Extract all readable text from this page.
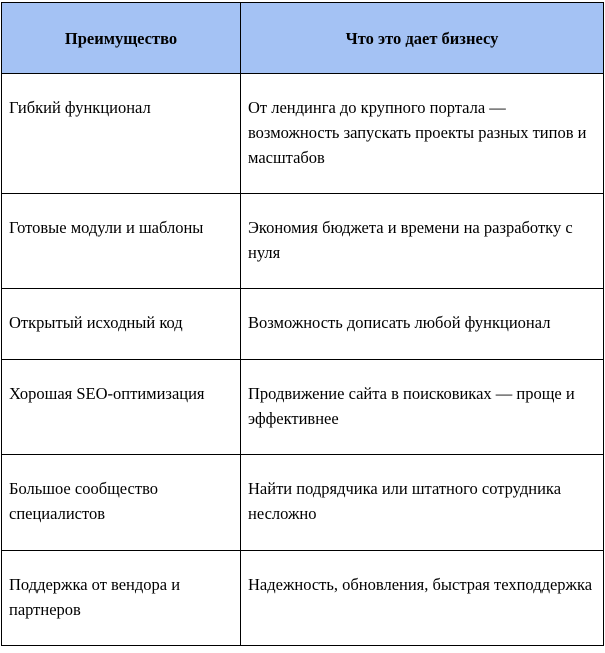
Преимущество	Что это дает бизнесу

Гибкий функционал	От лендинга до крупного портала — возможность запускать проекты разных типов и масштабов

Готовые модули и шаблоны	Экономия бюджета и времени на разработку с нуля

Открытый исходный код	Возможность дописать любой функционал

Хорошая SEO-оптимизация	Продвижение сайта в поисковиках — проще и эффективнее

Большое сообщество специалистов	Найти подрядчика или штатного сотрудника несложно

Поддержка от вендора и партнеров	Надежность, обновления, быстрая техподдержка
